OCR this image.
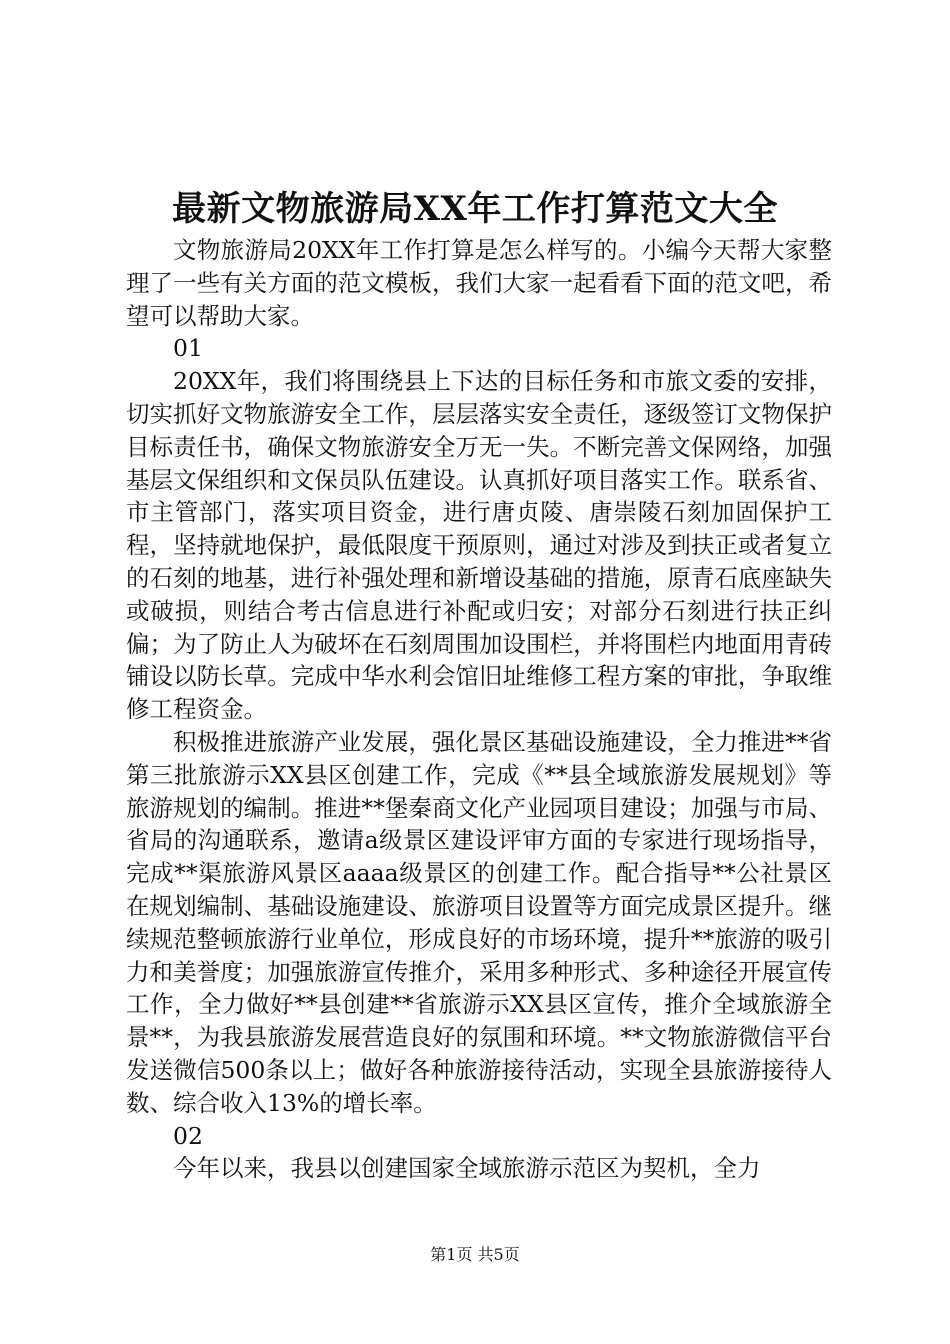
最新文物旅游局XX年工作打算范文大全

文物旅游局20XX年工作打算是怎么样写的。小编今天帮大家整理了一些有关方面的范文模板，我们大家一起看看下面的范文吧，希望可以帮助大家。

01

20XX年，我们将围绕县上下达的目标任务和市旅文委的安排，切实抓好文物旅游安全工作，层层落实安全责任，逐级签订文物保护目标责任书，确保文物旅游安全万无一失。不断完善文保网络，加强基层文保组织和文保员队伍建设。认真抓好项目落实工作。联系省、市主管部门，落实项目资金，进行唐贞陵、唐崇陵石刻加固保护工程，坚持就地保护，最低限度干预原则，通过对涉及到扶正或者复立的石刻的地基，进行补强处理和新增设基础的措施，原青石底座缺失或破损，则结合考古信息进行补配或归安；对部分石刻进行扶正纠偏；为了防止人为破坏在石刻周围加设围栏，并将围栏内地面用青砖铺设以防长草。完成中华水利会馆旧址维修工程方案的审批，争取维修工程资金。

积极推进旅游产业发展，强化景区基础设施建设，全力推进**省第三批旅游示XX县区创建工作，完成《**县全域旅游发展规划》等旅游规划的编制。推进**堡秦商文化产业园项目建设；加强与市局、省局的沟通联系，邀请a级景区建设评审方面的专家进行现场指导，完成**渠旅游风景区aaaa级景区的创建工作。配合指导**公社景区在规划编制、基础设施建设、旅游项目设置等方面完成景区提升。继续规范整顿旅游行业单位，形成良好的市场环境，提升**旅游的吸引力和美誉度；加强旅游宣传推介，采用多种形式、多种途径开展宣传工作，全力做好**县创建**省旅游示XX县区宣传，推介全域旅游全景**，为我县旅游发展营造良好的氛围和环境。**文物旅游微信平台发送微信500条以上；做好各种旅游接待活动，实现全县旅游接待人数、综合收入13%的增长率。

02

今年以来，我县以创建国家全域旅游示范区为契机，全力

第1页 共5页
